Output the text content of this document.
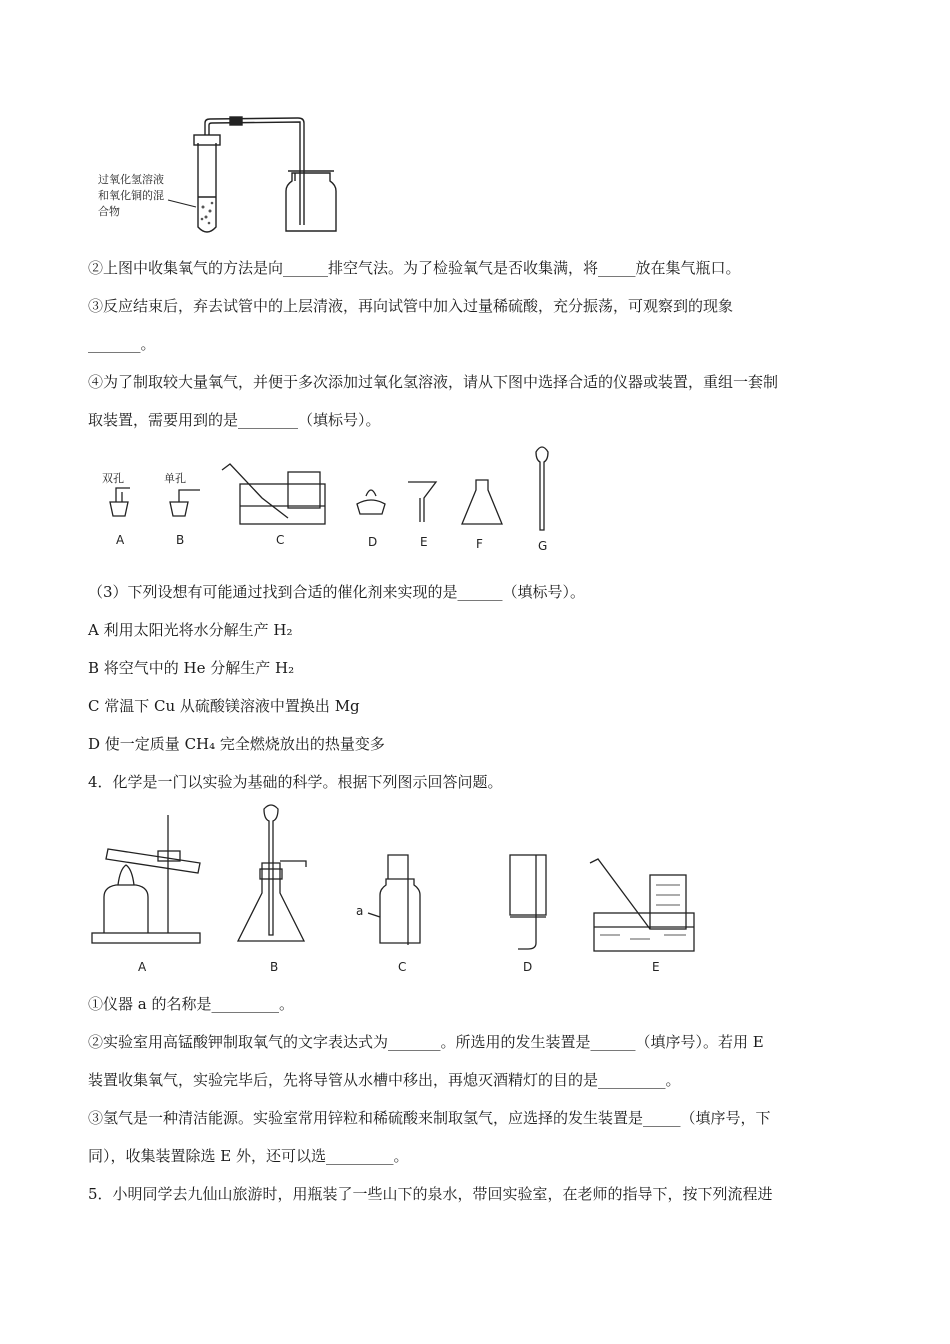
过氧化氢溶液
和氧化铜的混
合物
②上图中收集氧气的方法是向______排空气法。为了检验氧气是否收集满，将_____放在集气瓶口。
③反应结束后，弃去试管中的上层清液，再向试管中加入过量稀硫酸，充分振荡，可观察到的现象
_______。
④为了制取较大量氧气，并便于多次添加过氧化氢溶液，请从下图中选择合适的仪器或装置，重组一套制
取装置，需要用到的是________（填标号）。
双孔	单孔
A	B	C	D	E	F	G
（3）下列设想有可能通过找到合适的催化剂来实现的是______（填标号）。
A 利用太阳光将水分解生产 H₂
B 将空气中的 He 分解生产 H₂
C 常温下 Cu 从硫酸镁溶液中置换出 Mg
D 使一定质量 CH₄ 完全燃烧放出的热量变多
4．化学是一门以实验为基础的科学。根据下列图示回答问题。
a
A	B	C	D	E
①仪器 a 的名称是_________。
②实验室用高锰酸钾制取氧气的文字表达式为_______。所选用的发生装置是______（填序号）。若用 E
装置收集氧气，实验完毕后，先将导管从水槽中移出，再熄灭酒精灯的目的是_________。
③氢气是一种清洁能源。实验室常用锌粒和稀硫酸来制取氢气，应选择的发生装置是_____（填序号，下
同），收集装置除选 E 外，还可以选_________。
5．小明同学去九仙山旅游时，用瓶装了一些山下的泉水，带回实验室，在老师的指导下，按下列流程进
